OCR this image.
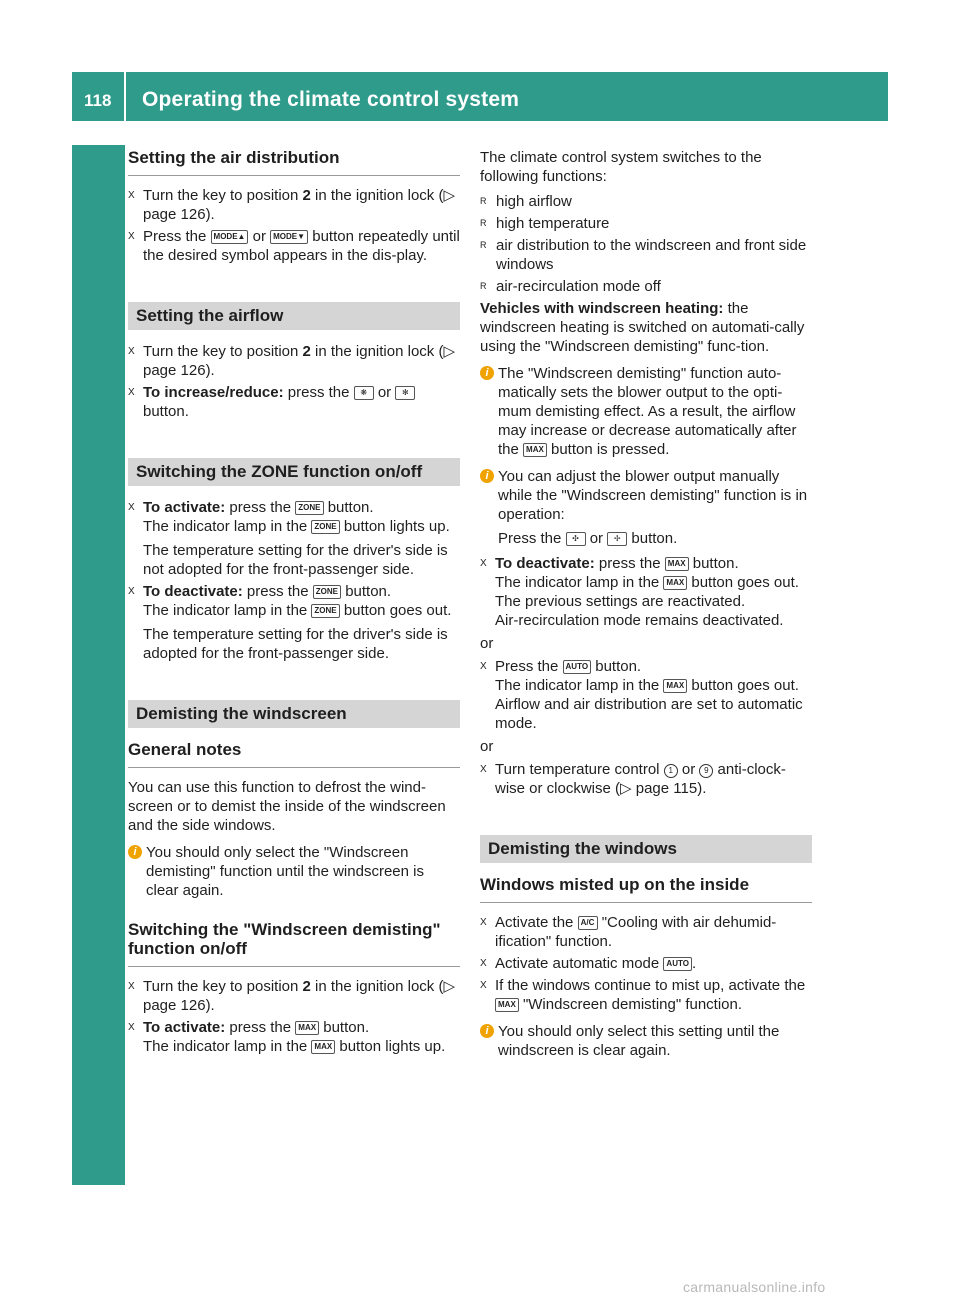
118 Operating the climate control system
Climate control
Setting the air distribution
X Turn the key to position 2 in the ignition lock (▷ page 126).
X Press the MODE▲ or MODE▼ button repeatedly until the desired symbol appears in the dis-play.
Setting the airflow
X Turn the key to position 2 in the ignition lock (▷ page 126).
X To increase/reduce: press the ❋ or ✻ button.
Switching the ZONE function on/off
X To activate: press the ZONE button.
The indicator lamp in the ZONE button lights up.
The temperature setting for the driver's side is not adopted for the front-passenger side.
X To deactivate: press the ZONE button.
The indicator lamp in the ZONE button goes out.
The temperature setting for the driver's side is adopted for the front-passenger side.
Demisting the windscreen
General notes
You can use this function to defrost the wind-screen or to demist the inside of the windscreen and the side windows.
i You should only select the "Windscreen demisting" function until the windscreen is clear again.
Switching the "Windscreen demisting" function on/off
X Turn the key to position 2 in the ignition lock (▷ page 126).
X To activate: press the MAX button.
The indicator lamp in the MAX button lights up.
The climate control system switches to the following functions:
R high airflow
R high temperature
R air distribution to the windscreen and front side windows
R air-recirculation mode off
Vehicles with windscreen heating: the windscreen heating is switched on automati-cally using the "Windscreen demisting" func-tion.
i The "Windscreen demisting" function auto-matically sets the blower output to the opti-mum demisting effect. As a result, the airflow may increase or decrease automatically after the MAX button is pressed.
i You can adjust the blower output manually while the "Windscreen demisting" function is in operation:
Press the ✣ or ✢ button.
X To deactivate: press the MAX button.
The indicator lamp in the MAX button goes out. The previous settings are reactivated.
Air-recirculation mode remains deactivated.
or
X Press the AUTO button.
The indicator lamp in the MAX button goes out. Airflow and air distribution are set to automatic mode.
or
X Turn temperature control 1 or 9 anti-clock-wise or clockwise (▷ page 115).
Demisting the windows
Windows misted up on the inside
X Activate the A/C "Cooling with air dehumid-ification" function.
X Activate automatic mode AUTO .
X If the windows continue to mist up, activate the MAX "Windscreen demisting" function.
i You should only select this setting until the windscreen is clear again.
carmanualsonline.info
